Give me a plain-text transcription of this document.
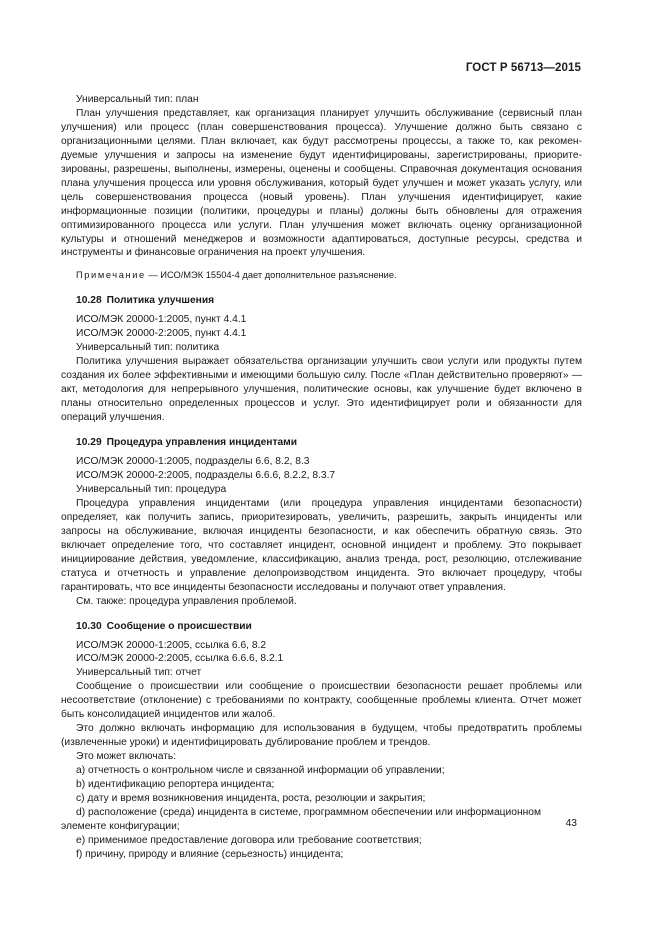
ГОСТ Р 56713—2015

Универсальный тип: план

План улучшения представляет, как организация планирует улучшить обслуживание (сервисный план улучшения) или процесс (план совершенствования процесса). Улучшение должно быть связано с организационными целями. План включает, как будут рассмотрены процессы, а также то, как рекомендуемые улучшения и запросы на изменение будут идентифицированы, зарегистрированы, приоритезированы, разрешены, выполнены, измерены, оценены и сообщены. Справочная документация основания плана улучшения процесса или уровня обслуживания, который будет улучшен и может указать услугу, или цель совершенствования процесса (новый уровень). План улучшения идентифицирует, какие информационные позиции (политики, процедуры и планы) должны быть обновлены для отражения оптимизированного процесса или услуги. План улучшения может включать оценку организационной культуры и отношений менеджеров и возможности адаптироваться, доступные ресурсы, средства и инструменты и финансовые ограничения на проект улучшения.

Примечание — ИСО/МЭК 15504-4 дает дополнительное разъяснение.

10.28 Политика улучшения

ИСО/МЭК 20000-1:2005, пункт 4.4.1

ИСО/МЭК 20000-2:2005, пункт 4.4.1

Универсальный тип: политика

Политика улучшения выражает обязательства организации улучшить свои услуги или продукты путем создания их более эффективными и имеющими большую силу. После «План действительно проверяют» — акт, методология для непрерывного улучшения, политические основы, как улучшение будет включено в планы относительно определенных процессов и услуг. Это идентифицирует роли и обязанности для операций улучшения.

10.29 Процедура управления инцидентами

ИСО/МЭК 20000-1:2005, подразделы 6.6, 8.2, 8.3

ИСО/МЭК 20000-2:2005, подразделы 6.6.6, 8.2.2, 8.3.7

Универсальный тип: процедура

Процедура управления инцидентами (или процедура управления инцидентами безопасности) определяет, как получить запись, приоритезировать, увеличить, разрешить, закрыть инциденты или запросы на обслуживание, включая инциденты безопасности, и как обеспечить обратную связь. Это включает определение того, что составляет инцидент, основной инцидент и проблему. Это покрывает инициирование действия, уведомление, классификацию, анализ тренда, рост, резолюцию, отслеживание статуса и отчетность и управление делопроизводством инцидента. Это включает процедуру, чтобы гарантировать, что все инциденты безопасности исследованы и получают ответ управления.

См. также: процедура управления проблемой.

10.30 Сообщение о происшествии

ИСО/МЭК 20000-1:2005, ссылка 6.6, 8.2

ИСО/МЭК 20000-2:2005, ссылка 6.6.6, 8.2.1

Универсальный тип: отчет

Сообщение о происшествии или сообщение о происшествии безопасности решает проблемы или несоответствие (отклонение) с требованиями по контракту, сообщенные проблемы клиента. Отчет может быть консолидацией инцидентов или жалоб.

Это должно включать информацию для использования в будущем, чтобы предотвратить проблемы (извлеченные уроки) и идентифицировать дублирование проблем и трендов.

Это может включать:

a) отчетность о контрольном числе и связанной информации об управлении;

b) идентификацию репортера инцидента;

c) дату и время возникновения инцидента, роста, резолюции и закрытия;

d) расположение (среда) инцидента в системе, программном обеспечении или информационном элементе конфигурации;

e) применимое предоставление договора или требование соответствия;

f) причину, природу и влияние (серьезность) инцидента;

43
